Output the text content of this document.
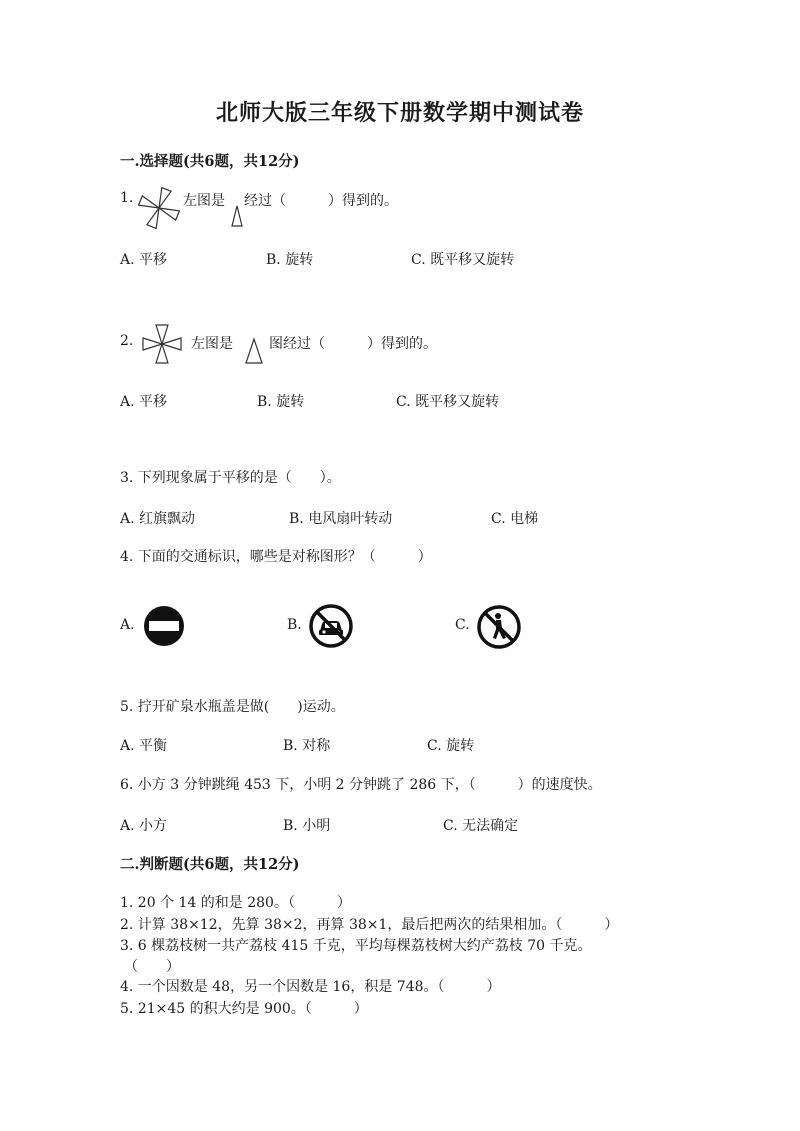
北师大版三年级下册数学期中测试卷
一.选择题(共6题，共12分)
1.	左图是 经过（　　　）得到的。
A. 平移	B. 旋转	C. 既平移又旋转
2.	左图是	图经过（　　　）得到的。
A. 平移	B. 旋转	C. 既平移又旋转
3. 下列现象属于平移的是（　　）。
A. 红旗飘动	B. 电风扇叶转动	C. 电梯
4. 下面的交通标识，哪些是对称图形？（　　　）
A.	B.	C.
5. 拧开矿泉水瓶盖是做(　　)运动。
A. 平衡	B. 对称	C. 旋转
6. 小方 3 分钟跳绳 453 下，小明 2 分钟跳了 286 下，（　　　）的速度快。
A. 小方	B. 小明	C. 无法确定
二.判断题(共6题，共12分)
1. 20 个 14 的和是 280。（　　　）
2. 计算 38×12，先算 38×2，再算 38×1，最后把两次的结果相加。（　　　）
3. 6 棵荔枝树一共产荔枝 415 千克，平均每棵荔枝树大约产荔枝 70 千克。
（　　）
4. 一个因数是 48，另一个因数是 16，积是 748。（　　　）
5. 21×45 的积大约是 900。（　　　）
